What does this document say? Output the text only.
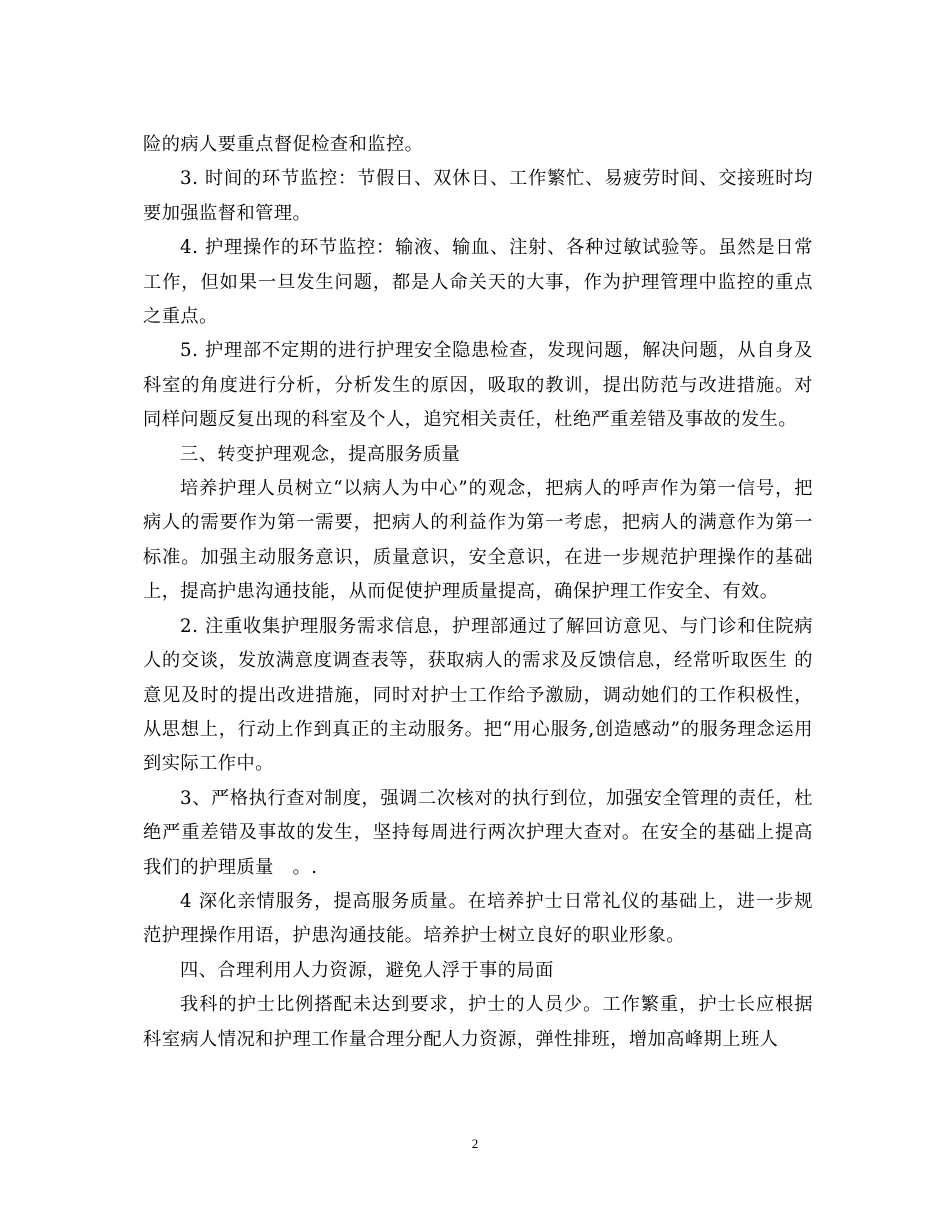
险的病人要重点督促检查和监控。

3. 时间的环节监控：节假日、双休日、工作繁忙、易疲劳时间、交接班时均要加强监督和管理。

4. 护理操作的环节监控：输液、输血、注射、各种过敏试验等。虽然是日常工作，但如果一旦发生问题，都是人命关天的大事，作为护理管理中监控的重点之重点。

5. 护理部不定期的进行护理安全隐患检查，发现问题，解决问题，从自身及科室的角度进行分析，分析发生的原因，吸取的教训，提出防范与改进措施。对同样问题反复出现的科室及个人，追究相关责任，杜绝严重差错及事故的发生。

三、转变护理观念，提高服务质量

培养护理人员树立“以病人为中心”的观念，把病人的呼声作为第一信号，把病人的需要作为第一需要，把病人的利益作为第一考虑，把病人的满意作为第一标准。加强主动服务意识，质量意识，安全意识，在进一步规范护理操作的基础上，提高护患沟通技能，从而促使护理质量提高，确保护理工作安全、有效。

2. 注重收集护理服务需求信息，护理部通过了解回访意见、与门诊和住院病人的交谈，发放满意度调查表等，获取病人的需求及反馈信息，经常听取医生 的意见及时的提出改进措施，同时对护士工作给予激励，调动她们的工作积极性，从思想上，行动上作到真正的主动服务。把“用心服务,创造感动”的服务理念运用到实际工作中。

3、严格执行查对制度，强调二次核对的执行到位，加强安全管理的责任，杜绝严重差错及事故的发生，坚持每周进行两次护理大查对。在安全的基础上提高我们的护理质量　。.

4 深化亲情服务，提高服务质量。在培养护士日常礼仪的基础上，进一步规范护理操作用语，护患沟通技能。培养护士树立良好的职业形象。

四、合理利用人力资源，避免人浮于事的局面

我科的护士比例搭配未达到要求，护士的人员少。工作繁重，护士长应根据科室病人情况和护理工作量合理分配人力资源，弹性排班，增加高峰期上班人

2
